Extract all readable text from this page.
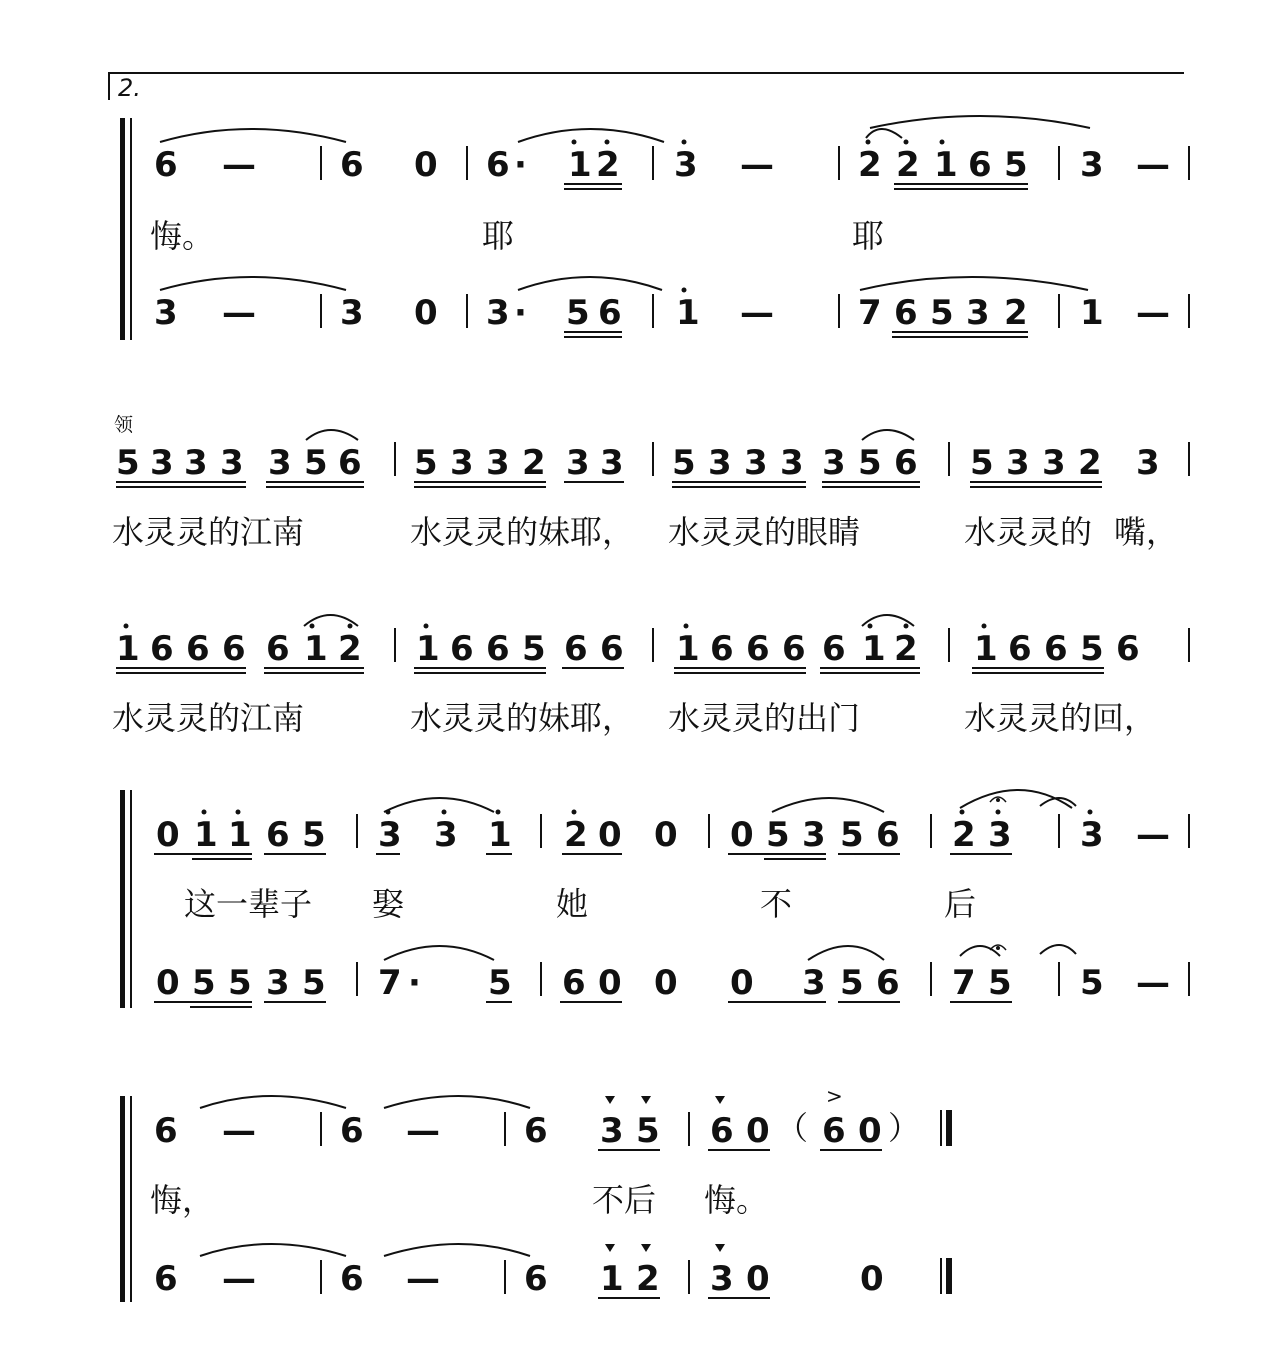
2.
6 — 6 0 6 · 1 2 3 — 2 2 1 6 5 3 —
悔。	耶	耶
3 — 3 0 3 · 5 6 1 — 7 6 5 3 2 1 —
领
5 3 3 3 3 5 6 5 3 3 2 3 3 5 3 3 3 3 5 6 5 3 3 2 3
水灵灵的江南	水灵灵的妹耶， 水灵灵的眼睛	水灵灵的 嘴，
1 6 6 6 6 1 2 1 6 6 5 6 6 1 6 6 6 6 1 2 1 6 6 5 6
水灵灵的江南	水灵灵的妹耶， 水灵灵的出门	水灵灵的回，
0 1 1 6 5 3 3 1 2 0 0 0 5 3 5 6 2 3 3 —
这一辈子 娶	她	不	后
0 5 5 3 5 7 · 5 6 0 0 0 3 5 6 7 5 5 —
6 — 6 — 6 3 5 6 0 （ 6 0 ）
>
悔，	不后 悔。
6 — 6 — 6 1 2 3 0	0
